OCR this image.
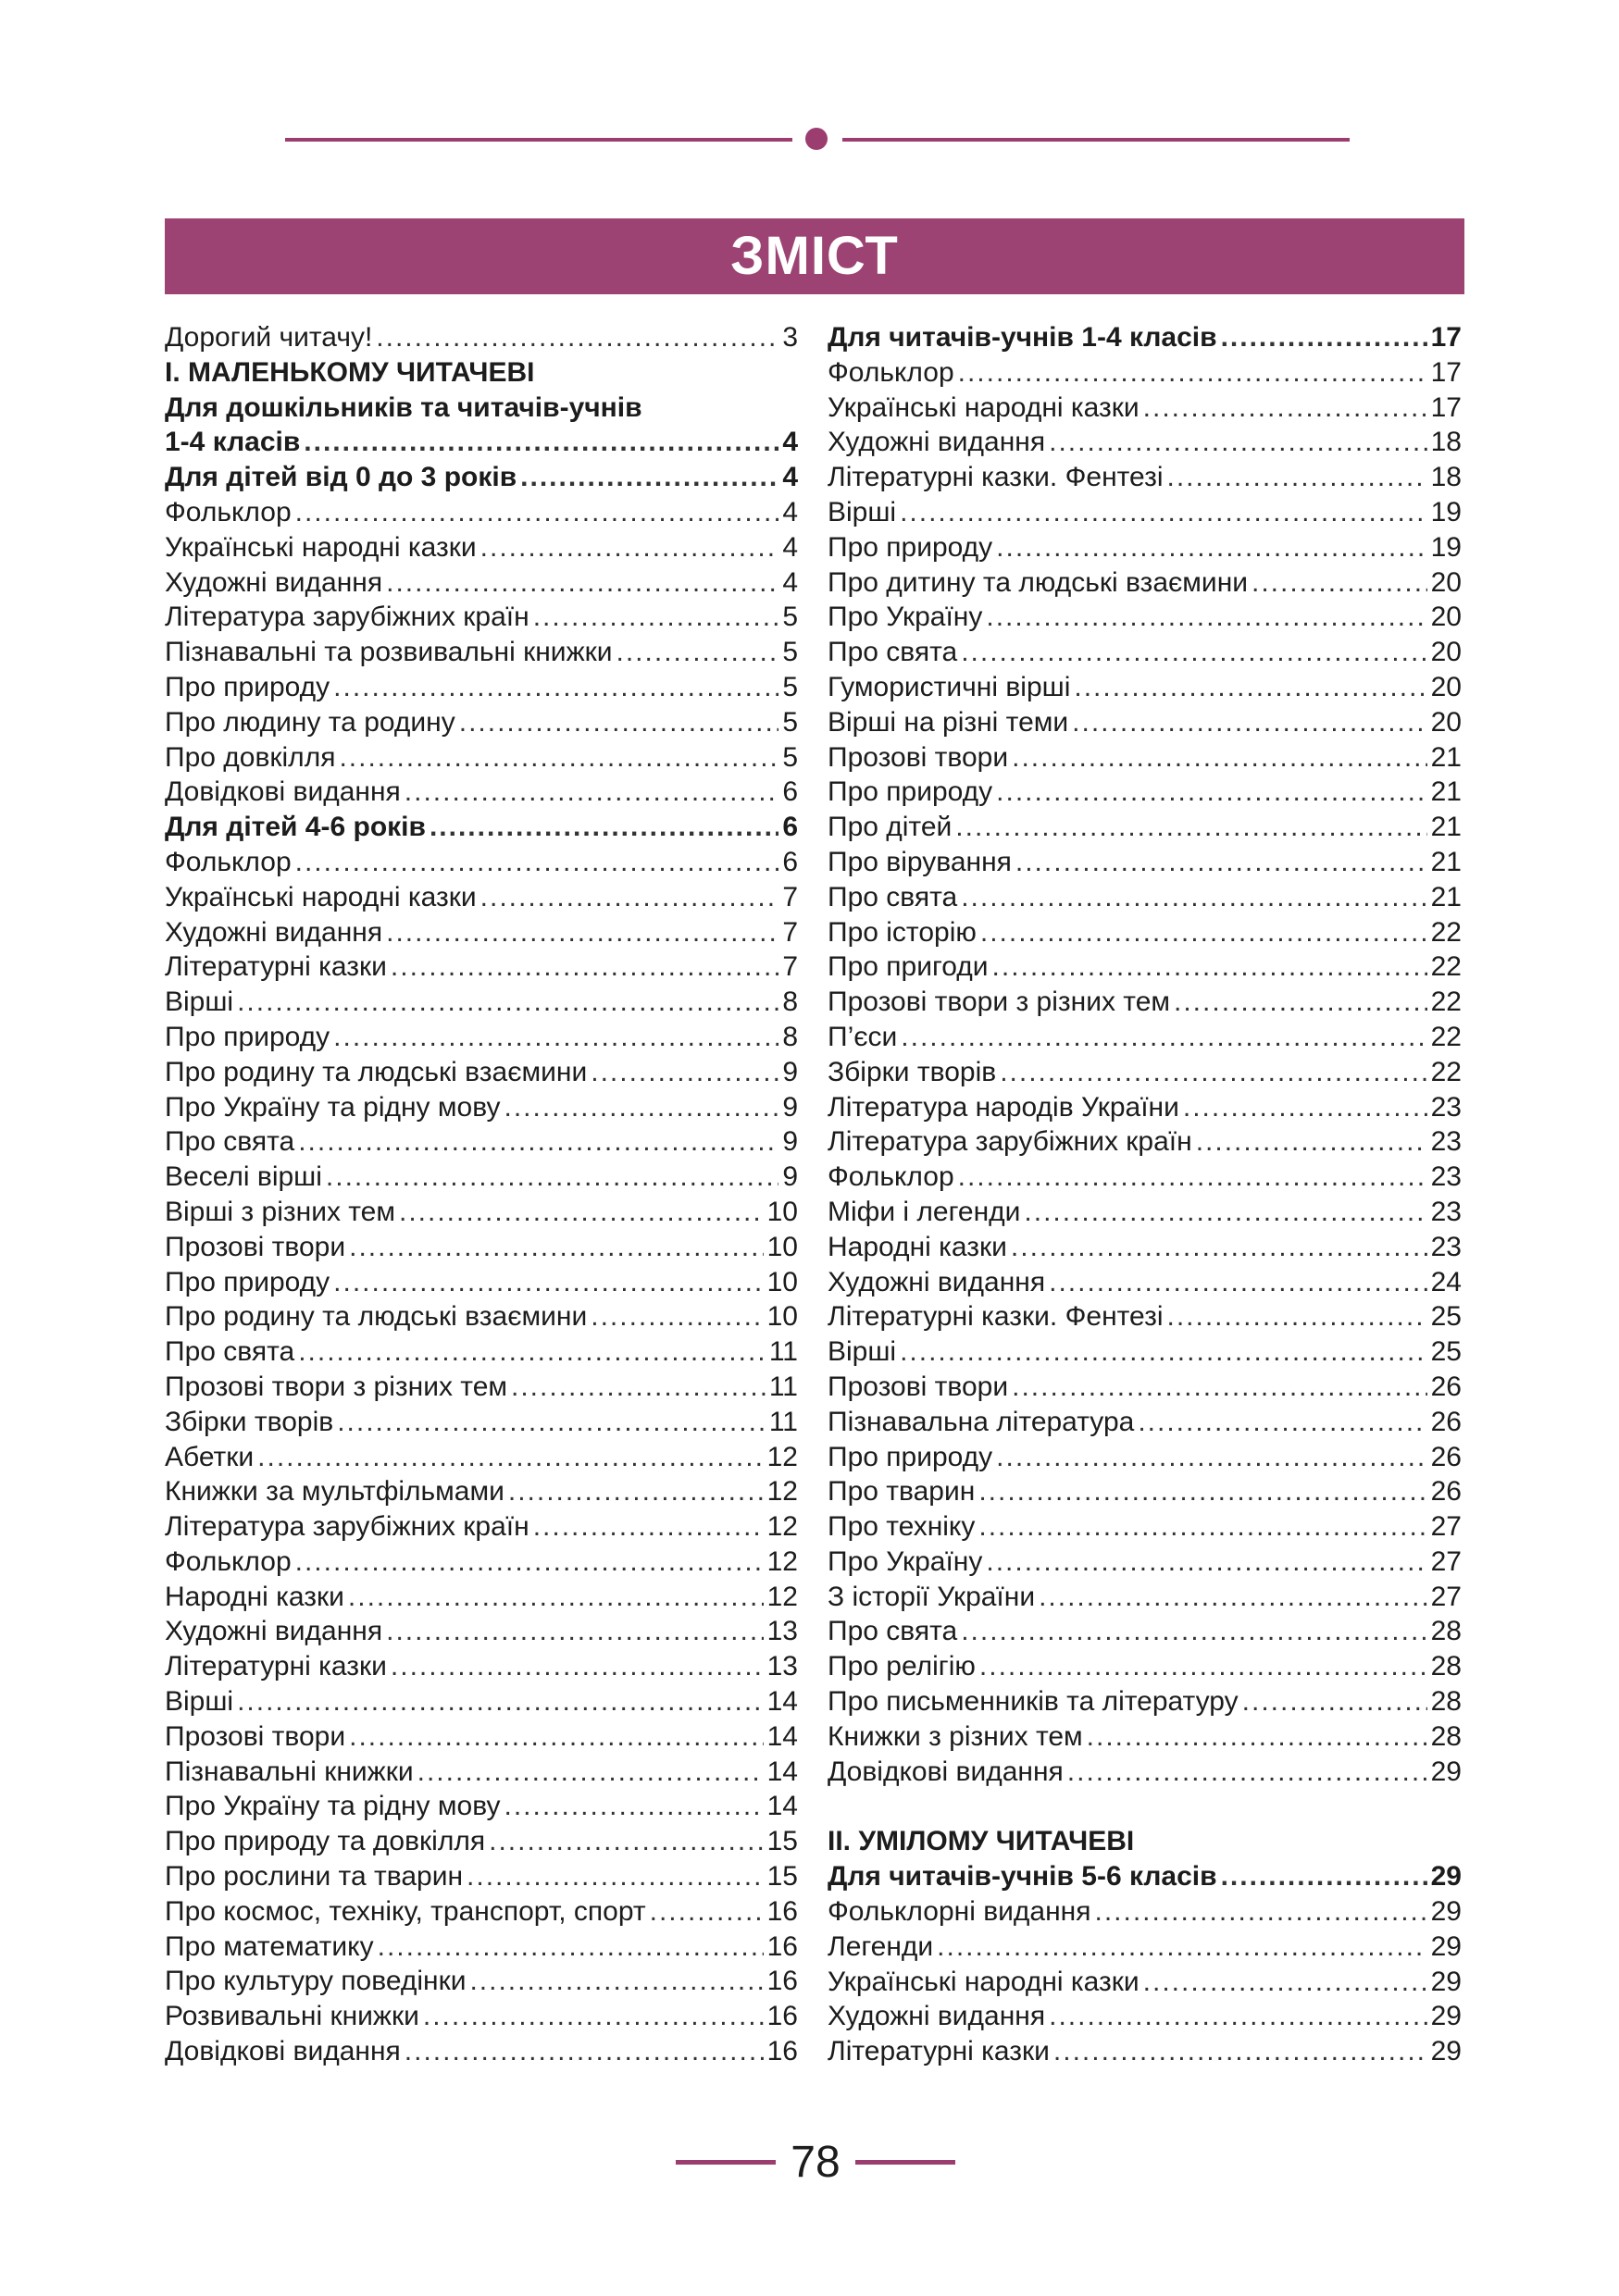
ЗМІСТ
Дорогий читачу! .....	3
І. МАЛЕНЬКОМУ ЧИТАЧЕВІ
Для дошкільників та читачів-учнів
1-4 класів .....	4
Для дітей від 0 до 3 років .....	4
Фольклор .....	4
Українські народні казки .....	4
Художні видання .....	4
Література зарубіжних країн .....	5
Пізнавальні та розвивальні книжки .....	5
Про природу .....	5
Про людину та родину .....	5
Про довкілля .....	5
Довідкові видання .....	6
Для дітей 4-6 років .....	6
Фольклор .....	6
Українські народні казки .....	7
Художні видання .....	7
Літературні казки .....	7
Вірші .....	8
Про природу .....	8
Про родину та людські взаємини .....	9
Про Україну та рідну мову .....	9
Про свята .....	9
Веселі вірші .....	9
Вірші з різних тем .....	10
Прозові твори .....	10
Про природу .....	10
Про родину та людські взаємини .....	10
Про свята .....	11
Прозові твори з різних тем .....	11
Збірки творів .....	11
Абетки .....	12
Книжки за мультфільмами .....	12
Література зарубіжних країн .....	12
Фольклор .....	12
Народні казки .....	12
Художні видання .....	13
Літературні казки .....	13
Вірші .....	14
Прозові твори .....	14
Пізнавальні книжки .....	14
Про Україну та рідну мову .....	14
Про природу та довкілля .....	15
Про рослини та тварин .....	15
Про космос, техніку, транспорт, спорт .....	16
Про математику .....	16
Про культуру поведінки .....	16
Розвивальні книжки .....	16
Довідкові видання .....	16
Для читачів-учнів 1-4 класів .....	17
Фольклор .....	17
Українські народні казки .....	17
Художні видання .....	18
Літературні казки. Фентезі .....	18
Вірші .....	19
Про природу .....	19
Про дитину та людські взаємини .....	20
Про Україну .....	20
Про свята .....	20
Гумористичні вірші .....	20
Вірші на різні теми .....	20
Прозові твори .....	21
Про природу .....	21
Про дітей .....	21
Про вірування .....	21
Про свята .....	21
Про історію .....	22
Про пригоди .....	22
Прозові твори з різних тем .....	22
П’єси .....	22
Збірки творів .....	22
Література народів України .....	23
Література зарубіжних країн .....	23
Фольклор .....	23
Міфи і легенди .....	23
Народні казки .....	23
Художні видання .....	24
Літературні казки. Фентезі .....	25
Вірші .....	25
Прозові твори .....	26
Пізнавальна література .....	26
Про природу .....	26
Про тварин .....	26
Про техніку .....	27
Про Україну .....	27
З історії України .....	27
Про свята .....	28
Про релігію .....	28
Про письменників та літературу .....	28
Книжки з різних тем .....	28
Довідкові видання .....	29
ІІ. УМІЛОМУ ЧИТАЧЕВІ
Для читачів-учнів 5-6 класів .....	29
Фольклорні видання .....	29
Легенди .....	29
Українські народні казки .....	29
Художні видання .....	29
Літературні казки .....	29
78
